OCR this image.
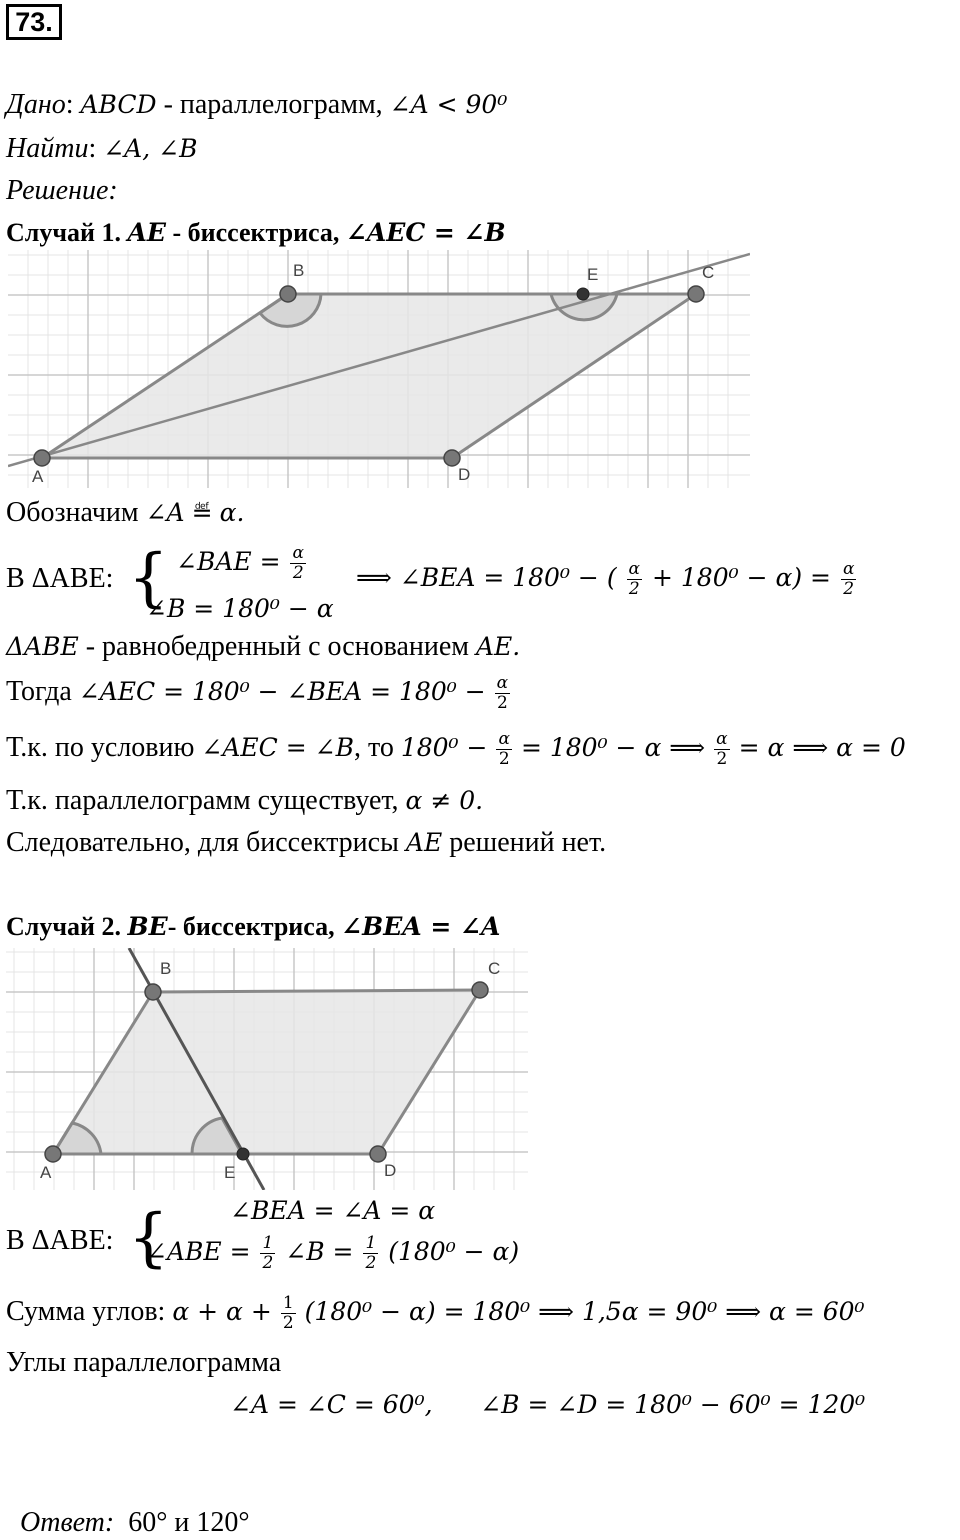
73.
Дано: ABCD - параллелограмм, ∠A < 90⁰
Найти: ∠A, ∠B
Решение:
Случай 1. AE - биссектриса, ∠AEC = ∠B
A
B	C
D
E
Обозначим ∠A ≝ α.
В ΔABE: { ∠BAE = $\frac{\alpha}{2}$
∠B = 180⁰ − α
⟹ ∠BEA = 180⁰ − ( $\frac{\alpha}{2} + 180^0 - \alpha) = \frac{\alpha}{2}$
ΔABE - равнобедренный с основанием AE.
Тогда ∠AEC = 180⁰ − ∠BEA = $180^0 - \frac{\alpha}{2}$
Т.к. по условию ∠AEC = ∠B, то $180^0 - \frac{\alpha}{2} = 180^0 - \alpha$ ⟹ $\frac{\alpha}{2} = \alpha$ ⟹ α = 0
Т.к. параллелограмм существует, α ≠ 0.
Следовательно, для биссектрисы AE решений нет.
Случай 2. BE- биссектриса, ∠BEA = ∠A
A
B	C
D
E
В ΔABE: { ∠BEA = ∠A = α
∠ABE = $\frac{1}{2}$ ∠B = $\frac{1}{2} (180^0 - \alpha)$
Сумма углов: $\alpha + \alpha + \frac{1}{2} (180^0 - \alpha) = 180^0$ ⟹ 1,5α = 90⁰ ⟹ α = 60⁰
Углы параллелограмма
∠A = ∠C = 60⁰,      ∠B = ∠D = 180⁰ − 60⁰ = 120⁰

Ответ:  60° и 120°
